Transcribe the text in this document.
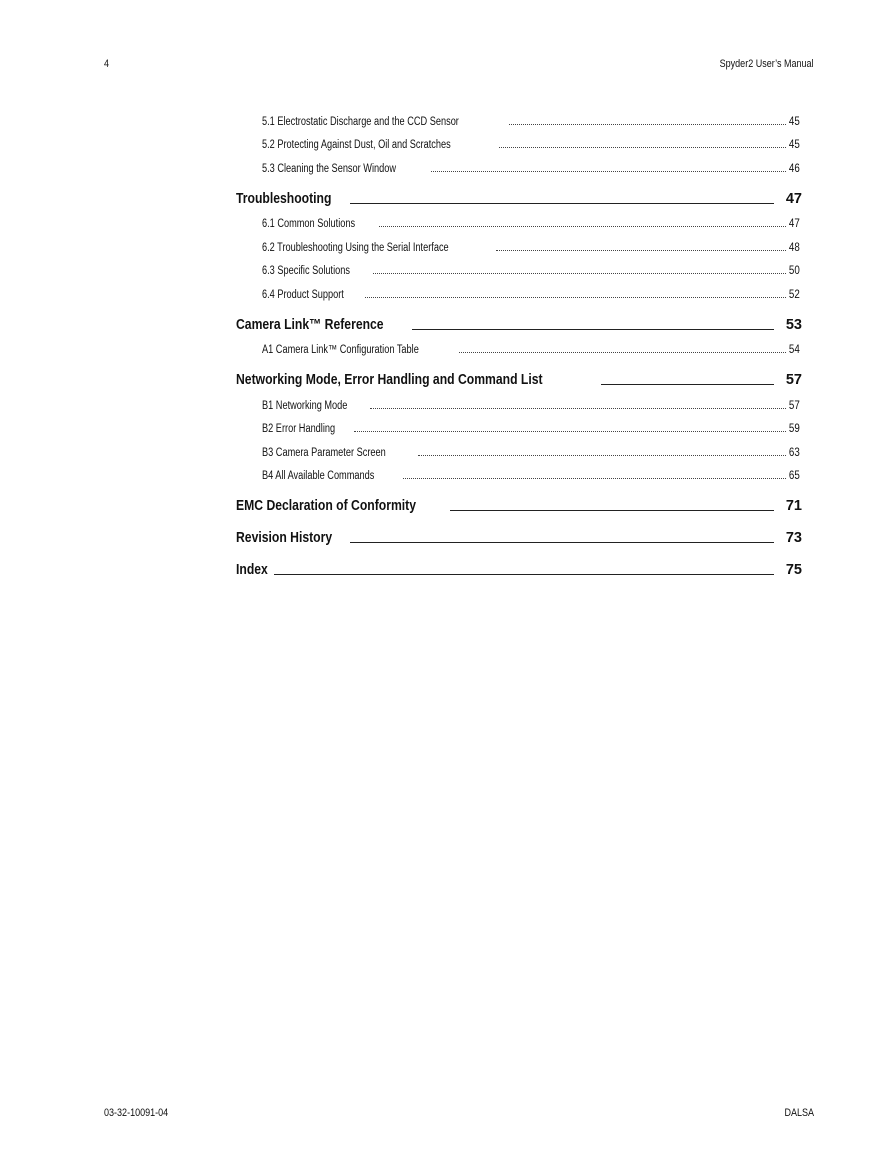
4	Spyder2 User’s Manual
5.1 Electrostatic Discharge and the CCD Sensor	45
5.2 Protecting Against Dust, Oil and Scratches	45
5.3 Cleaning the Sensor Window	46
Troubleshooting	47
6.1 Common Solutions	47
6.2 Troubleshooting Using the Serial Interface	48
6.3 Specific Solutions	50
6.4 Product Support	52
Camera Link™ Reference	53
A1 Camera Link™ Configuration Table	54
Networking Mode, Error Handling and Command List	57
B1 Networking Mode	57
B2 Error Handling	59
B3 Camera Parameter Screen	63
B4 All Available Commands	65
EMC Declaration of Conformity	71
Revision History	73
Index	75
03-32-10091-04	DALSA
